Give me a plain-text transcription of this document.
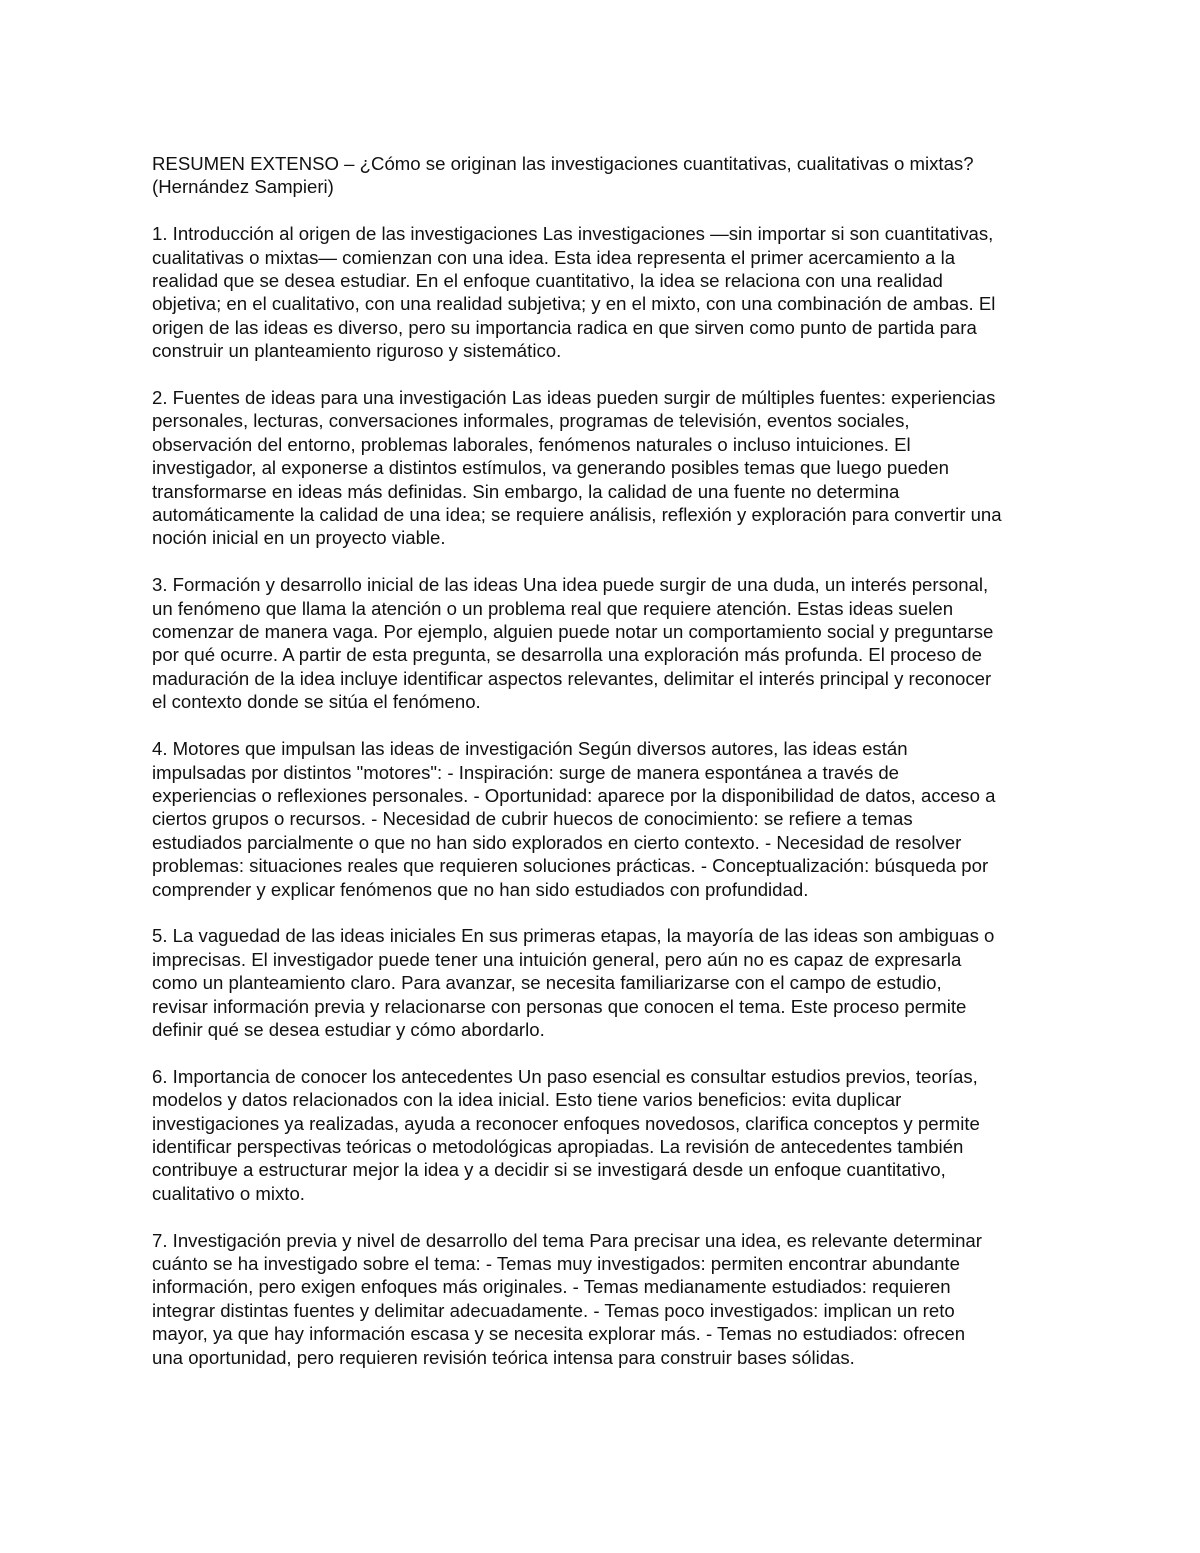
RESUMEN EXTENSO – ¿Cómo se originan las investigaciones cuantitativas, cualitativas o mixtas?
(Hernández Sampieri)

1. Introducción al origen de las investigaciones Las investigaciones —sin importar si son cuantitativas,
cualitativas o mixtas— comienzan con una idea. Esta idea representa el primer acercamiento a la
realidad que se desea estudiar. En el enfoque cuantitativo, la idea se relaciona con una realidad
objetiva; en el cualitativo, con una realidad subjetiva; y en el mixto, con una combinación de ambas. El
origen de las ideas es diverso, pero su importancia radica en que sirven como punto de partida para
construir un planteamiento riguroso y sistemático.

2. Fuentes de ideas para una investigación Las ideas pueden surgir de múltiples fuentes: experiencias
personales, lecturas, conversaciones informales, programas de televisión, eventos sociales,
observación del entorno, problemas laborales, fenómenos naturales o incluso intuiciones. El
investigador, al exponerse a distintos estímulos, va generando posibles temas que luego pueden
transformarse en ideas más definidas. Sin embargo, la calidad de una fuente no determina
automáticamente la calidad de una idea; se requiere análisis, reflexión y exploración para convertir una
noción inicial en un proyecto viable.

3. Formación y desarrollo inicial de las ideas Una idea puede surgir de una duda, un interés personal,
un fenómeno que llama la atención o un problema real que requiere atención. Estas ideas suelen
comenzar de manera vaga. Por ejemplo, alguien puede notar un comportamiento social y preguntarse
por qué ocurre. A partir de esta pregunta, se desarrolla una exploración más profunda. El proceso de
maduración de la idea incluye identificar aspectos relevantes, delimitar el interés principal y reconocer
el contexto donde se sitúa el fenómeno.

4. Motores que impulsan las ideas de investigación Según diversos autores, las ideas están
impulsadas por distintos "motores": - Inspiración: surge de manera espontánea a través de
experiencias o reflexiones personales. - Oportunidad: aparece por la disponibilidad de datos, acceso a
ciertos grupos o recursos. - Necesidad de cubrir huecos de conocimiento: se refiere a temas
estudiados parcialmente o que no han sido explorados en cierto contexto. - Necesidad de resolver
problemas: situaciones reales que requieren soluciones prácticas. - Conceptualización: búsqueda por
comprender y explicar fenómenos que no han sido estudiados con profundidad.

5. La vaguedad de las ideas iniciales En sus primeras etapas, la mayoría de las ideas son ambiguas o
imprecisas. El investigador puede tener una intuición general, pero aún no es capaz de expresarla
como un planteamiento claro. Para avanzar, se necesita familiarizarse con el campo de estudio,
revisar información previa y relacionarse con personas que conocen el tema. Este proceso permite
definir qué se desea estudiar y cómo abordarlo.

6. Importancia de conocer los antecedentes Un paso esencial es consultar estudios previos, teorías,
modelos y datos relacionados con la idea inicial. Esto tiene varios beneficios: evita duplicar
investigaciones ya realizadas, ayuda a reconocer enfoques novedosos, clarifica conceptos y permite
identificar perspectivas teóricas o metodológicas apropiadas. La revisión de antecedentes también
contribuye a estructurar mejor la idea y a decidir si se investigará desde un enfoque cuantitativo,
cualitativo o mixto.

7. Investigación previa y nivel de desarrollo del tema Para precisar una idea, es relevante determinar
cuánto se ha investigado sobre el tema: - Temas muy investigados: permiten encontrar abundante
información, pero exigen enfoques más originales. - Temas medianamente estudiados: requieren
integrar distintas fuentes y delimitar adecuadamente. - Temas poco investigados: implican un reto
mayor, ya que hay información escasa y se necesita explorar más. - Temas no estudiados: ofrecen
una oportunidad, pero requieren revisión teórica intensa para construir bases sólidas.
